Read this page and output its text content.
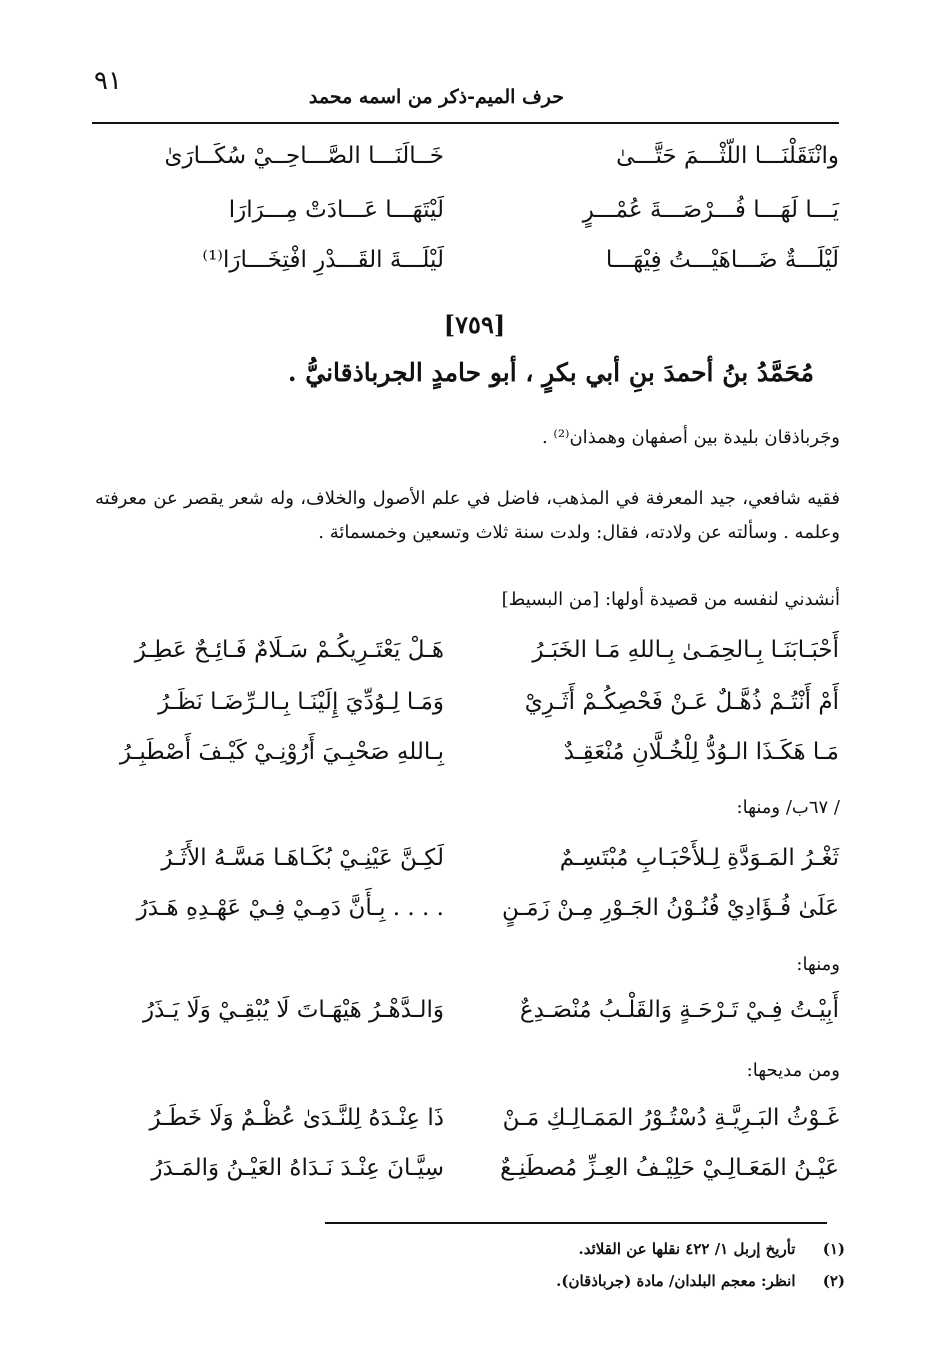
٩١
حرف الميم-ذكر من اسمه محمد
وانْتَقَلْنَـــا اللّثْـــمَ حَتَّـــىٰ
خَــالَنَـــا الصَّـــاحِــيْ سُكَــارَىٰ
يَـــا لَهَـــا فُـــرْصَـــةَ عُمْـــرٍ
لَيْتَهَـــا عَـــادَتْ مِـــرَارَا
لَيْلَـــةٌ ضَـــاهَيْـــتُ فِيْهَـــا
لَيْلَـــةَ القَـــدْرِ افْتِخَـــارَا⁽¹⁾
[٧٥٩]
مُحَمَّدُ بنُ أحمدَ بنِ أبي بكرٍ ، أبو حامدٍ الجرباذقانيُّ .
وجَرباذقان بليدة بين أصفهان وهمذان⁽²⁾ .
فقيه شافعي، جيد المعرفة في المذهب، فاضل في علم الأصول والخلاف، وله شعر يقصر عن معرفته وعلمه . وسألته عن ولادته، فقال: ولدت سنة ثلاث وتسعين وخمسمائة .
أنشدني لنفسه من قصيدة أولها: [من البسيط]
أَحْبَـابَنَـا بِـالحِمَـىٰ بِـاللهِ مَـا الخَبَـرُ
هَـلْ يَعْتَـرِيكُـمْ سَـلَامٌ فَـائِـحٌ عَطِـرُ
أَمْ أَنْتُـمْ ذُهَّـلٌ عَـنْ فَحْصِكُـمْ أَثَـرِيْ
وَمَـا لِـوُدِّيَ إِلَيْنَـا بِـالـرِّضَـا نَظَـرُ
مَـا هَكَـذَا الـوُدُّ لِلْخُـلَّانِ مُنْعَقِـدٌ
بِـاللهِ صَحْبِـيَ أَرُوْنِـيْ كَيْـفَ أَصْطَبِـرُ
/ ٦٧ب/ ومنها:
ثَغْـرُ المَـوَدَّةِ لِـلأَحْبَـابِ مُبْتَسِـمٌ
لَكِـنَّ عَيْنِـيْ بُكَـاهَـا مَسَّـهُ الأَثَـرُ
عَلَىٰ فُـؤَادِيْ فُنُـوْنُ الجَـوْرِ مِـنْ زَمَـنٍ
. . . . بِـأَنَّ دَمِـيْ فِـيْ عَهْـدِهِ هَـدَرُ
ومنها:
أَبِيْـتُ فِـيْ تَـرْحَـةٍ وَالقَلْـبُ مُنْصَـدِعٌ
وَالـدَّهْـرُ هَيْهَـاتَ لَا يُبْقِـيْ وَلَا يَـذَرُ
ومن مديحها:
غَـوْثُ البَـرِيَّـةِ دُسْتُـوْرُ المَمَـالِـكِ مَـنْ
ذَا عِنْـدَهُ لِلنَّـدَىٰ عُظْـمٌ وَلَا خَطَـرُ
عَيْـنُ المَعَـالِـيْ حَلِيْـفُ العِـزِّ مُصطَنِـعٌ
سِيَّـانَ عِنْـدَ نَـدَاهُ العَيْـنُ وَالمَـدَرُ
(١) تأريخ إربل ١/ ٤٢٢ نقلها عن القلائد.
(٢) انظر: معجم البلدان/ مادة (جرباذقان).
